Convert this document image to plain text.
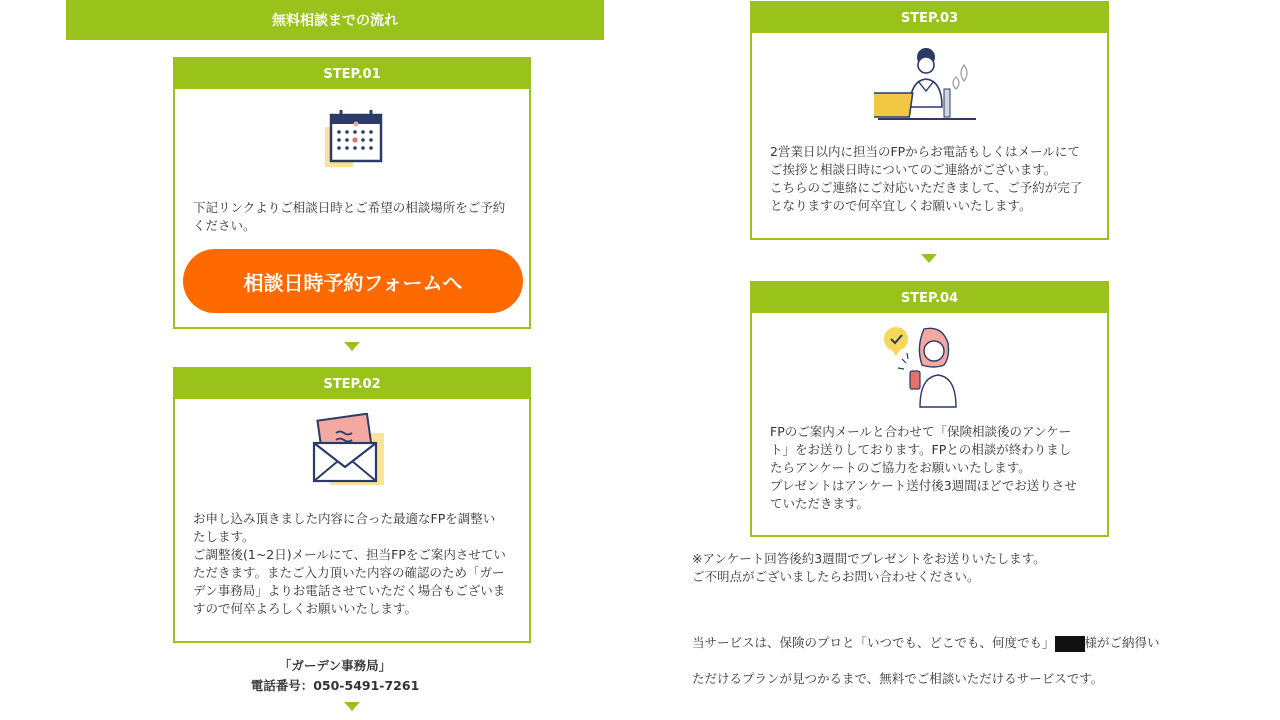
無料相談までの流れ
STEP.01
下記リンクよりご相談日時とご希望の相談場所をご予約
ください。
相談日時予約フォームへ
STEP.02
お申し込み頂きました内容に合った最適なFPを調整い
たします。
ご調整後(1~2日)メールにて、担当FPをご案内させてい
ただきます。またご入力頂いた内容の確認のため「ガー
デン事務局」よりお電話させていただく場合もございま
すので何卒よろしくお願いいたします。
「ガーデン事務局」
電話番号：050-5491-7261
STEP.03
2営業日以内に担当のFPからお電話もしくはメールにて
ご挨拶と相談日時についてのご連絡がございます。
こちらのご連絡にご対応いただきまして、ご予約が完了
となりますので何卒宜しくお願いいたします。
STEP.04
FPのご案内メールと合わせて「保険相談後のアンケー
ト」をお送りしております。FPとの相談が終わりまし
たらアンケートのご協力をお願いいたします。
プレゼントはアンケート送付後3週間ほどでお送りさせ
ていただきます。
※アンケート回答後約3週間でプレゼントをお送りいたします。
ご不明点がございましたらお問い合わせください。

当サービスは、保険のプロと「いつでも、どこでも、何度でも」 様がご納得い

ただけるプランが見つかるまで、無料でご相談いただけるサービスです。
